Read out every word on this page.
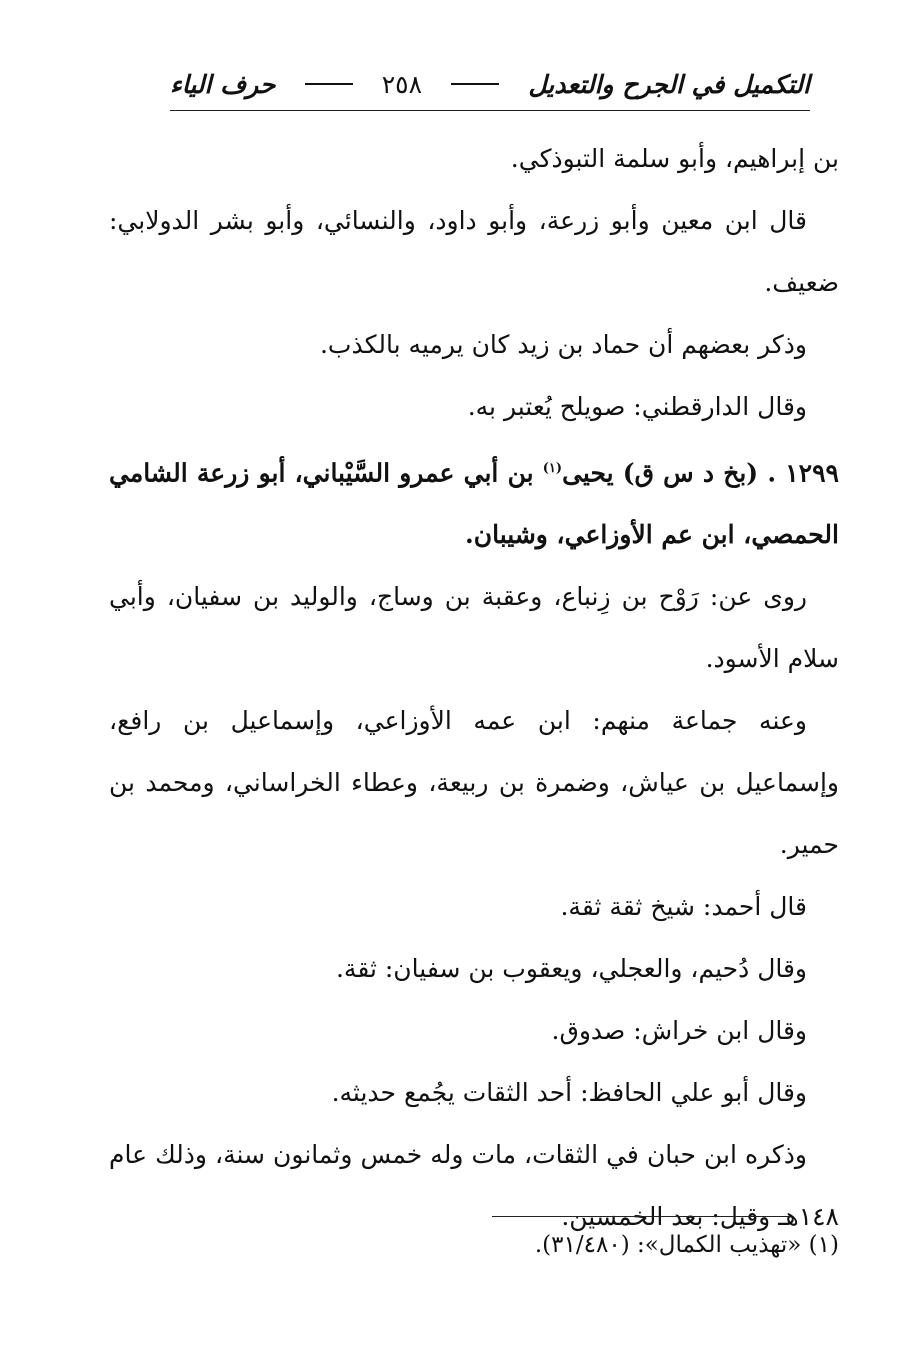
التكميل في الجرح والتعديل
٢٥٨
حرف الياء

بن إبراهيم، وأبو سلمة التبوذكي.

قال ابن معين وأبو زرعة، وأبو داود، والنسائي، وأبو بشر الدولابي: ضعيف.

وذكر بعضهم أن حماد بن زيد كان يرميه بالكذب.

وقال الدارقطني: صويلح يُعتبر به.

١٢٩٩ . (بخ د س ق) يحيى$^{(١)}$ بن أبي عمرو السَّيْباني، أبو زرعة الشامي الحمصي، ابن عم الأوزاعي، وشيبان.

روى عن: رَوْح بن زِنباع، وعقبة بن وساج، والوليد بن سفيان، وأبي سلام الأسود.

وعنه جماعة منهم: ابن عمه الأوزاعي، وإسماعيل بن رافع، وإسماعيل بن عياش، وضمرة بن ربيعة، وعطاء الخراساني، ومحمد بن حمير.

قال أحمد: شيخ ثقة ثقة.

وقال دُحيم، والعجلي، ويعقوب بن سفيان: ثقة.

وقال ابن خراش: صدوق.

وقال أبو علي الحافظ: أحد الثقات يجُمع حديثه.

وذكره ابن حبان في الثقات، مات وله خمس وثمانون سنة، وذلك عام ١٤٨هـ وقيل: بعد الخمسين.

(١) «تهذيب الكمال»: (٣١/٤٨٠).
